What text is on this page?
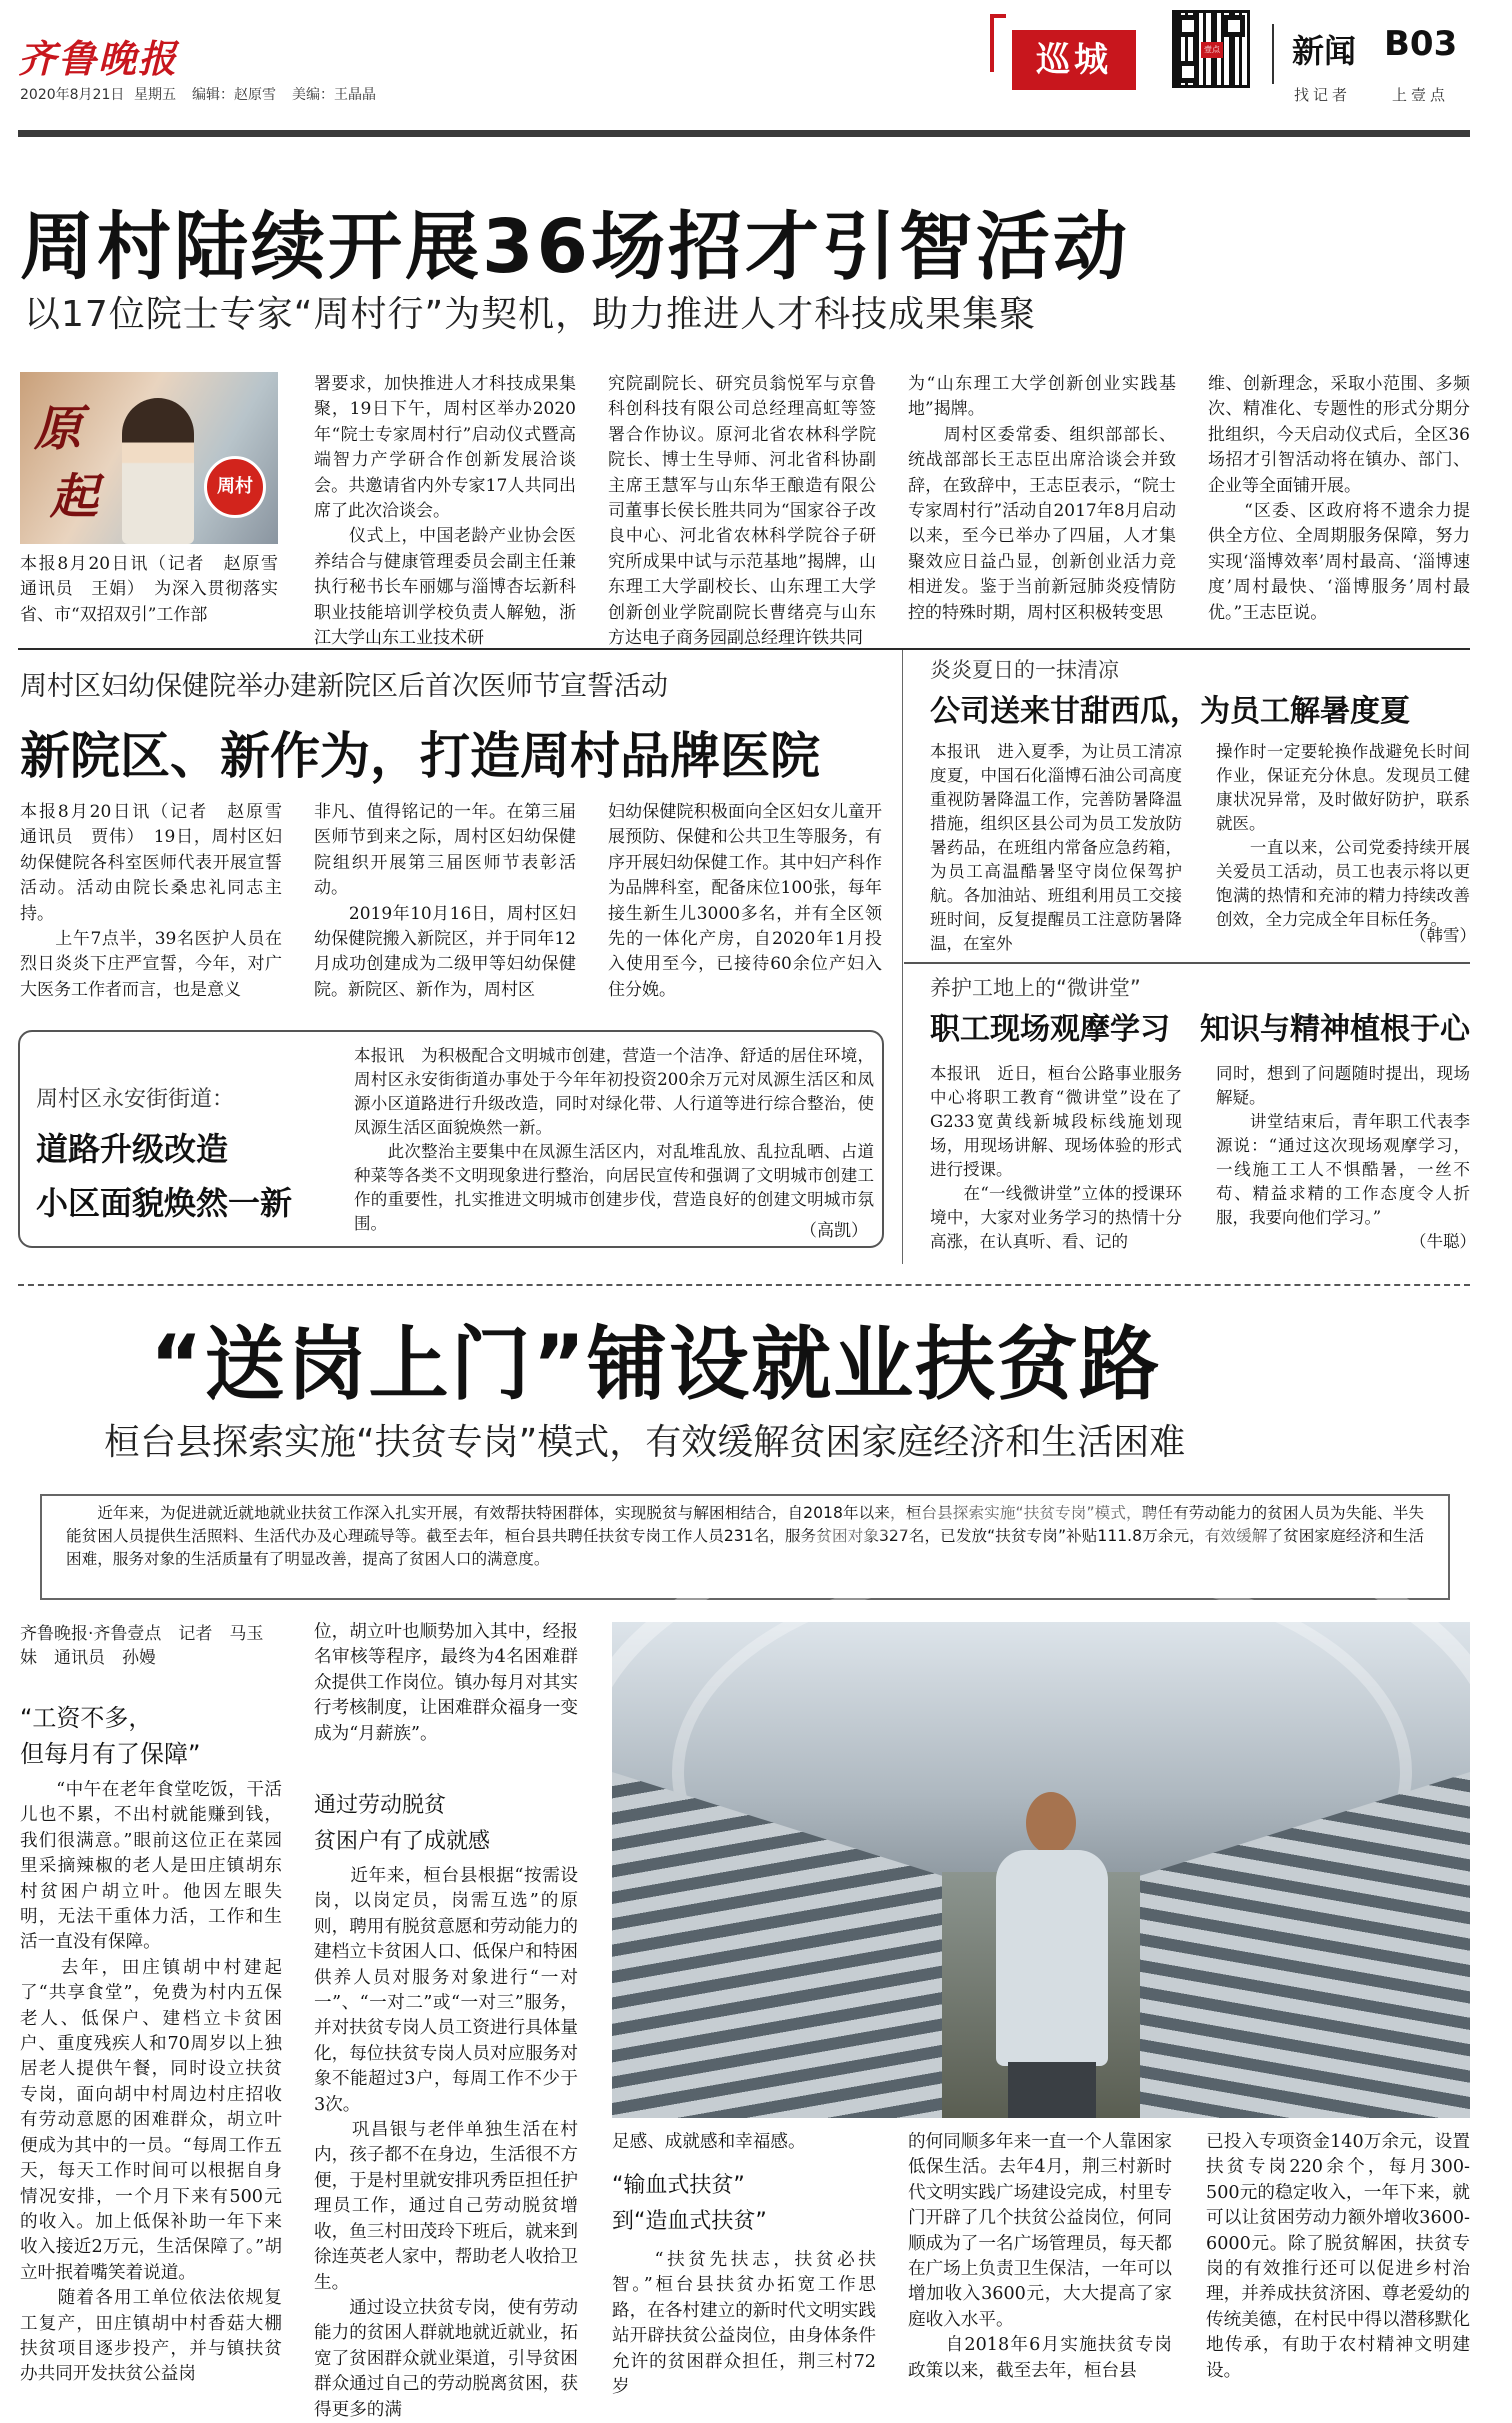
齐鲁晚报
2020年8月21日 星期五 编辑：赵原雪 美编：王晶晶
巡城	壹点 新闻 B03
找记者	上壹点
周村陆续开展36场招才引智活动
以17位院士专家“周村行”为契机，助力推进人才科技成果集聚
原
起	周村
本报8月20日讯（记者　赵原雪　通讯员　王娟）　为深入贯彻落实省、市“双招双引”工作部
署要求，加快推进人才科技成果集聚，19日下午，周村区举办2020年“院士专家周村行”启动仪式暨高端智力产学研合作创新发展洽谈会。共邀请省内外专家17人共同出席了此次洽谈会。
　　仪式上，中国老龄产业协会医养结合与健康管理委员会副主任兼执行秘书长车丽娜与淄博杏坛新科职业技能培训学校负责人解勉，浙江大学山东工业技术研
究院副院长、研究员翁悦军与京鲁科创科技有限公司总经理高虹等签署合作协议。原河北省农林科学院院长、博士生导师、河北省科协副主席王慧军与山东华王酿造有限公司董事长侯长胜共同为“国家谷子改良中心、河北省农林科学院谷子研究所成果中试与示范基地”揭牌，山东理工大学副校长、山东理工大学创新创业学院副院长曹绪亮与山东方达电子商务园副总经理许铁共同
为“山东理工大学创新创业实践基地”揭牌。
　　周村区委常委、组织部部长、统战部部长王志臣出席洽谈会并致辞，在致辞中，王志臣表示，“院士专家周村行”活动自2017年8月启动以来，至今已举办了四届，人才集聚效应日益凸显，创新创业活力竞相迸发。鉴于当前新冠肺炎疫情防控的特殊时期，周村区积极转变思
维、创新理念，采取小范围、多频次、精准化、专题性的形式分期分批组织，今天启动仪式后，全区36场招才引智活动将在镇办、部门、企业等全面铺开展。
　　“区委、区政府将不遗余力提供全方位、全周期服务保障，努力实现‘淄博效率’周村最高、‘淄博速度’周村最快、‘淄博服务’周村最优。”王志臣说。
周村区妇幼保健院举办建新院区后首次医师节宣誓活动
新院区、新作为，打造周村品牌医院
本报8月20日讯（记者　赵原雪　通讯员　贾伟）　19日，周村区妇幼保健院各科室医师代表开展宣誓活动。活动由院长桑忠礼同志主持。
　　上午7点半，39名医护人员在烈日炎炎下庄严宣誓，今年，对广大医务工作者而言，也是意义
非凡、值得铭记的一年。在第三届医师节到来之际，周村区妇幼保健院组织开展第三届医师节表彰活动。
　　2019年10月16日，周村区妇幼保健院搬入新院区，并于同年12月成功创建成为二级甲等妇幼保健院。新院区、新作为，周村区
妇幼保健院积极面向全区妇女儿童开展预防、保健和公共卫生等服务，有序开展妇幼保健工作。其中妇产科作为品牌科室，配备床位100张，每年接生新生儿3000多名，并有全区领先的一体化产房，自2020年1月投入使用至今，已接待60余位产妇入住分娩。
周村区永安街街道：
道路升级改造
小区面貌焕然一新
本报讯　为积极配合文明城市创建，营造一个洁净、舒适的居住环境，周村区永安街街道办事处于今年年初投资200余万元对凤源生活区和凤源小区道路进行升级改造，同时对绿化带、人行道等进行综合整治，使凤源生活区面貌焕然一新。
　　此次整治主要集中在凤源生活区内，对乱堆乱放、乱拉乱晒、占道种菜等各类不文明现象进行整治，向居民宣传和强调了文明城市创建工作的重要性，扎实推进文明城市创建步伐，营造良好的创建文明城市氛围。	（高凯）
炎炎夏日的一抹清凉
公司送来甘甜西瓜，为员工解暑度夏
本报讯　进入夏季，为让员工清凉度夏，中国石化淄博石油公司高度重视防暑降温工作，完善防暑降温措施，组织区县公司为员工发放防暑药品，在班组内常备应急药箱，为员工高温酷暑坚守岗位保驾护航。各加油站、班组利用员工交接班时间，反复提醒员工注意防暑降温，在室外
操作时一定要轮换作战避免长时间作业，保证充分休息。发现员工健康状况异常，及时做好防护，联系就医。
　　一直以来，公司党委持续开展关爱员工活动，员工也表示将以更饱满的热情和充沛的精力持续改善创效，全力完成全年目标任务。
（韩雪）
养护工地上的“微讲堂”
职工现场观摩学习　知识与精神植根于心
本报讯　近日，桓台公路事业服务中心将职工教育“微讲堂”设在了G233宽黄线新城段标线施划现场，用现场讲解、现场体验的形式进行授课。
　　在“一线微讲堂”立体的授课环境中，大家对业务学习的热情十分高涨，在认真听、看、记的
同时，想到了问题随时提出，现场解疑。
　　讲堂结束后，青年职工代表李源说：“通过这次现场观摩学习，一线施工工人不惧酷暑，一丝不苟、精益求精的工作态度令人折服，我要向他们学习。”
（牛聪）
“送岗上门”铺设就业扶贫路
桓台县探索实施“扶贫专岗”模式，有效缓解贫困家庭经济和生活困难
近年来，为促进就近就地就业扶贫工作深入扎实开展，有效帮扶特困群体，实现脱贫与解困相结合，自2018年以来，桓台县探索实施“扶贫专岗”模式，聘任有劳动能力的贫困人员为失能、半失能贫困人员提供生活照料、生活代办及心理疏导等。截至去年，桓台县共聘任扶贫专岗工作人员231名，服务贫困对象327名，已发放“扶贫专岗”补贴111.8万余元，有效缓解了贫困家庭经济和生活困难，服务对象的生活质量有了明显改善，提高了贫困人口的满意度。
齐鲁晚报·齐鲁壹点　记者　马玉妹　通讯员　孙嫚
“工资不多，
但每月有了保障”
　　“中午在老年食堂吃饭，干活儿也不累，不出村就能赚到钱，我们很满意。”眼前这位正在菜园里采摘辣椒的老人是田庄镇胡东村贫困户胡立叶。他因左眼失明，无法干重体力活，工作和生活一直没有保障。
　　去年，田庄镇胡中村建起了“共享食堂”，免费为村内五保老人、低保户、建档立卡贫困户、重度残疾人和70周岁以上独居老人提供午餐，同时设立扶贫专岗，面向胡中村周边村庄招收有劳动意愿的困难群众，胡立叶便成为其中的一员。“每周工作五天，每天工作时间可以根据自身情况安排，一个月下来有500元的收入。加上低保补助一年下来收入接近2万元，生活保障了。”胡立叶抿着嘴笑着说道。
　　随着各用工单位依法依规复工复产，田庄镇胡中村香菇大棚扶贫项目逐步投产，并与镇扶贫办共同开发扶贫公益岗
位，胡立叶也顺势加入其中，经报名审核等程序，最终为4名困难群众提供工作岗位。镇办每月对其实行考核制度，让困难群众福身一变成为“月薪族”。
通过劳动脱贫
贫困户有了成就感
　　近年来，桓台县根据“按需设岗，以岗定员，岗需互选”的原则，聘用有脱贫意愿和劳动能力的建档立卡贫困人口、低保户和特困供养人员对服务对象进行“一对一”、“一对二”或“一对三”服务，并对扶贫专岗人员工资进行具体量化，每位扶贫专岗人员对应服务对象不能超过3户，每周工作不少于3次。
　　巩昌银与老伴单独生活在村内，孩子都不在身边，生活很不方便，于是村里就安排巩秀臣担任护理员工作，通过自己劳动脱贫增收，鱼三村田茂玲下班后，就来到徐连英老人家中，帮助老人收拾卫生。
　　通过设立扶贫专岗，使有劳动能力的贫困人群就地就近就业，拓宽了贫困群众就业渠道，引导贫困群众通过自己的劳动脱离贫困，获得更多的满
足感、成就感和幸福感。
“输血式扶贫”
到“造血式扶贫”
　　“扶贫先扶志，扶贫必扶智。”桓台县扶贫办拓宽工作思路，在各村建立的新时代文明实践站开辟扶贫公益岗位，由身体条件允许的贫困群众担任，荆三村72岁
的何同顺多年来一直一个人靠困家低保生活。去年4月，荆三村新时代文明实践广场建设完成，村里专门开辟了几个扶贫公益岗位，何同顺成为了一名广场管理员，每天都在广场上负责卫生保洁，一年可以增加收入3600元，大大提高了家庭收入水平。
　　自2018年6月实施扶贫专岗政策以来，截至去年，桓台县
已投入专项资金140万余元，设置扶贫专岗220余个，每月300-500元的稳定收入，一年下来，就可以让贫困劳动力额外增收3600-6000元。除了脱贫解困，扶贫专岗的有效推行还可以促进乡村治理，并养成扶贫济困、尊老爱幼的传统美德，在村民中得以潜移默化地传承，有助于农村精神文明建设。
